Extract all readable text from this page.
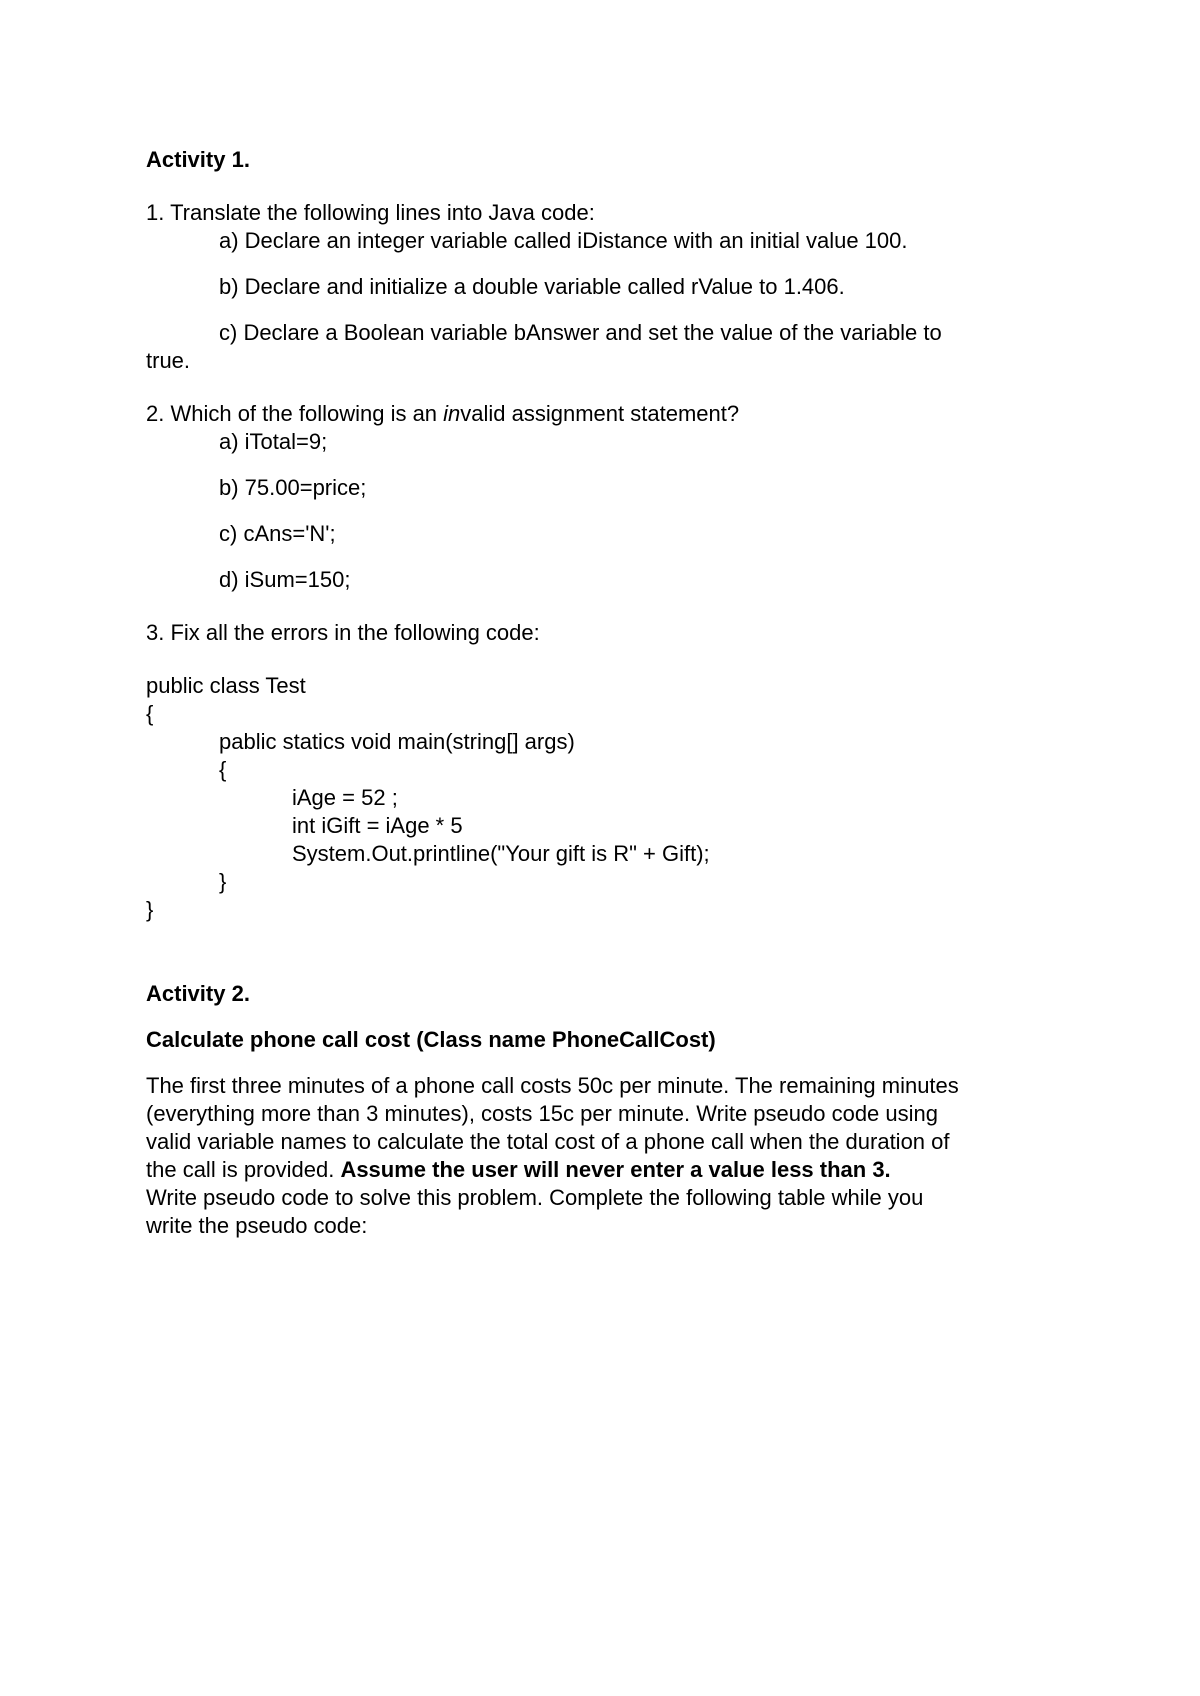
Activity 1.

1. Translate the following lines into Java code:

a) Declare an integer variable called iDistance with an initial value 100.

b) Declare and initialize a double variable called rValue to 1.406.

c) Declare a Boolean variable bAnswer and set the value of the variable to

true.

2. Which of the following is an invalid assignment statement?

a) iTotal=9;

b) 75.00=price;

c) cAns='N';

d) iSum=150;

3. Fix all the errors in the following code:

public class Test

{

pablic statics void main(string[] args)

{

iAge = 52 ;

int iGift = iAge * 5

System.Out.printline("Your gift is R" + Gift);

}

}

Activity 2.

Calculate phone call cost (Class name PhoneCallCost)

The first three minutes of a phone call costs 50c per minute. The remaining minutes

(everything more than 3 minutes), costs 15c per minute. Write pseudo code using

valid variable names to calculate the total cost of a phone call when the duration of

the call is provided. Assume the user will never enter a value less than 3.

Write pseudo code to solve this problem. Complete the following table while you

write the pseudo code:
